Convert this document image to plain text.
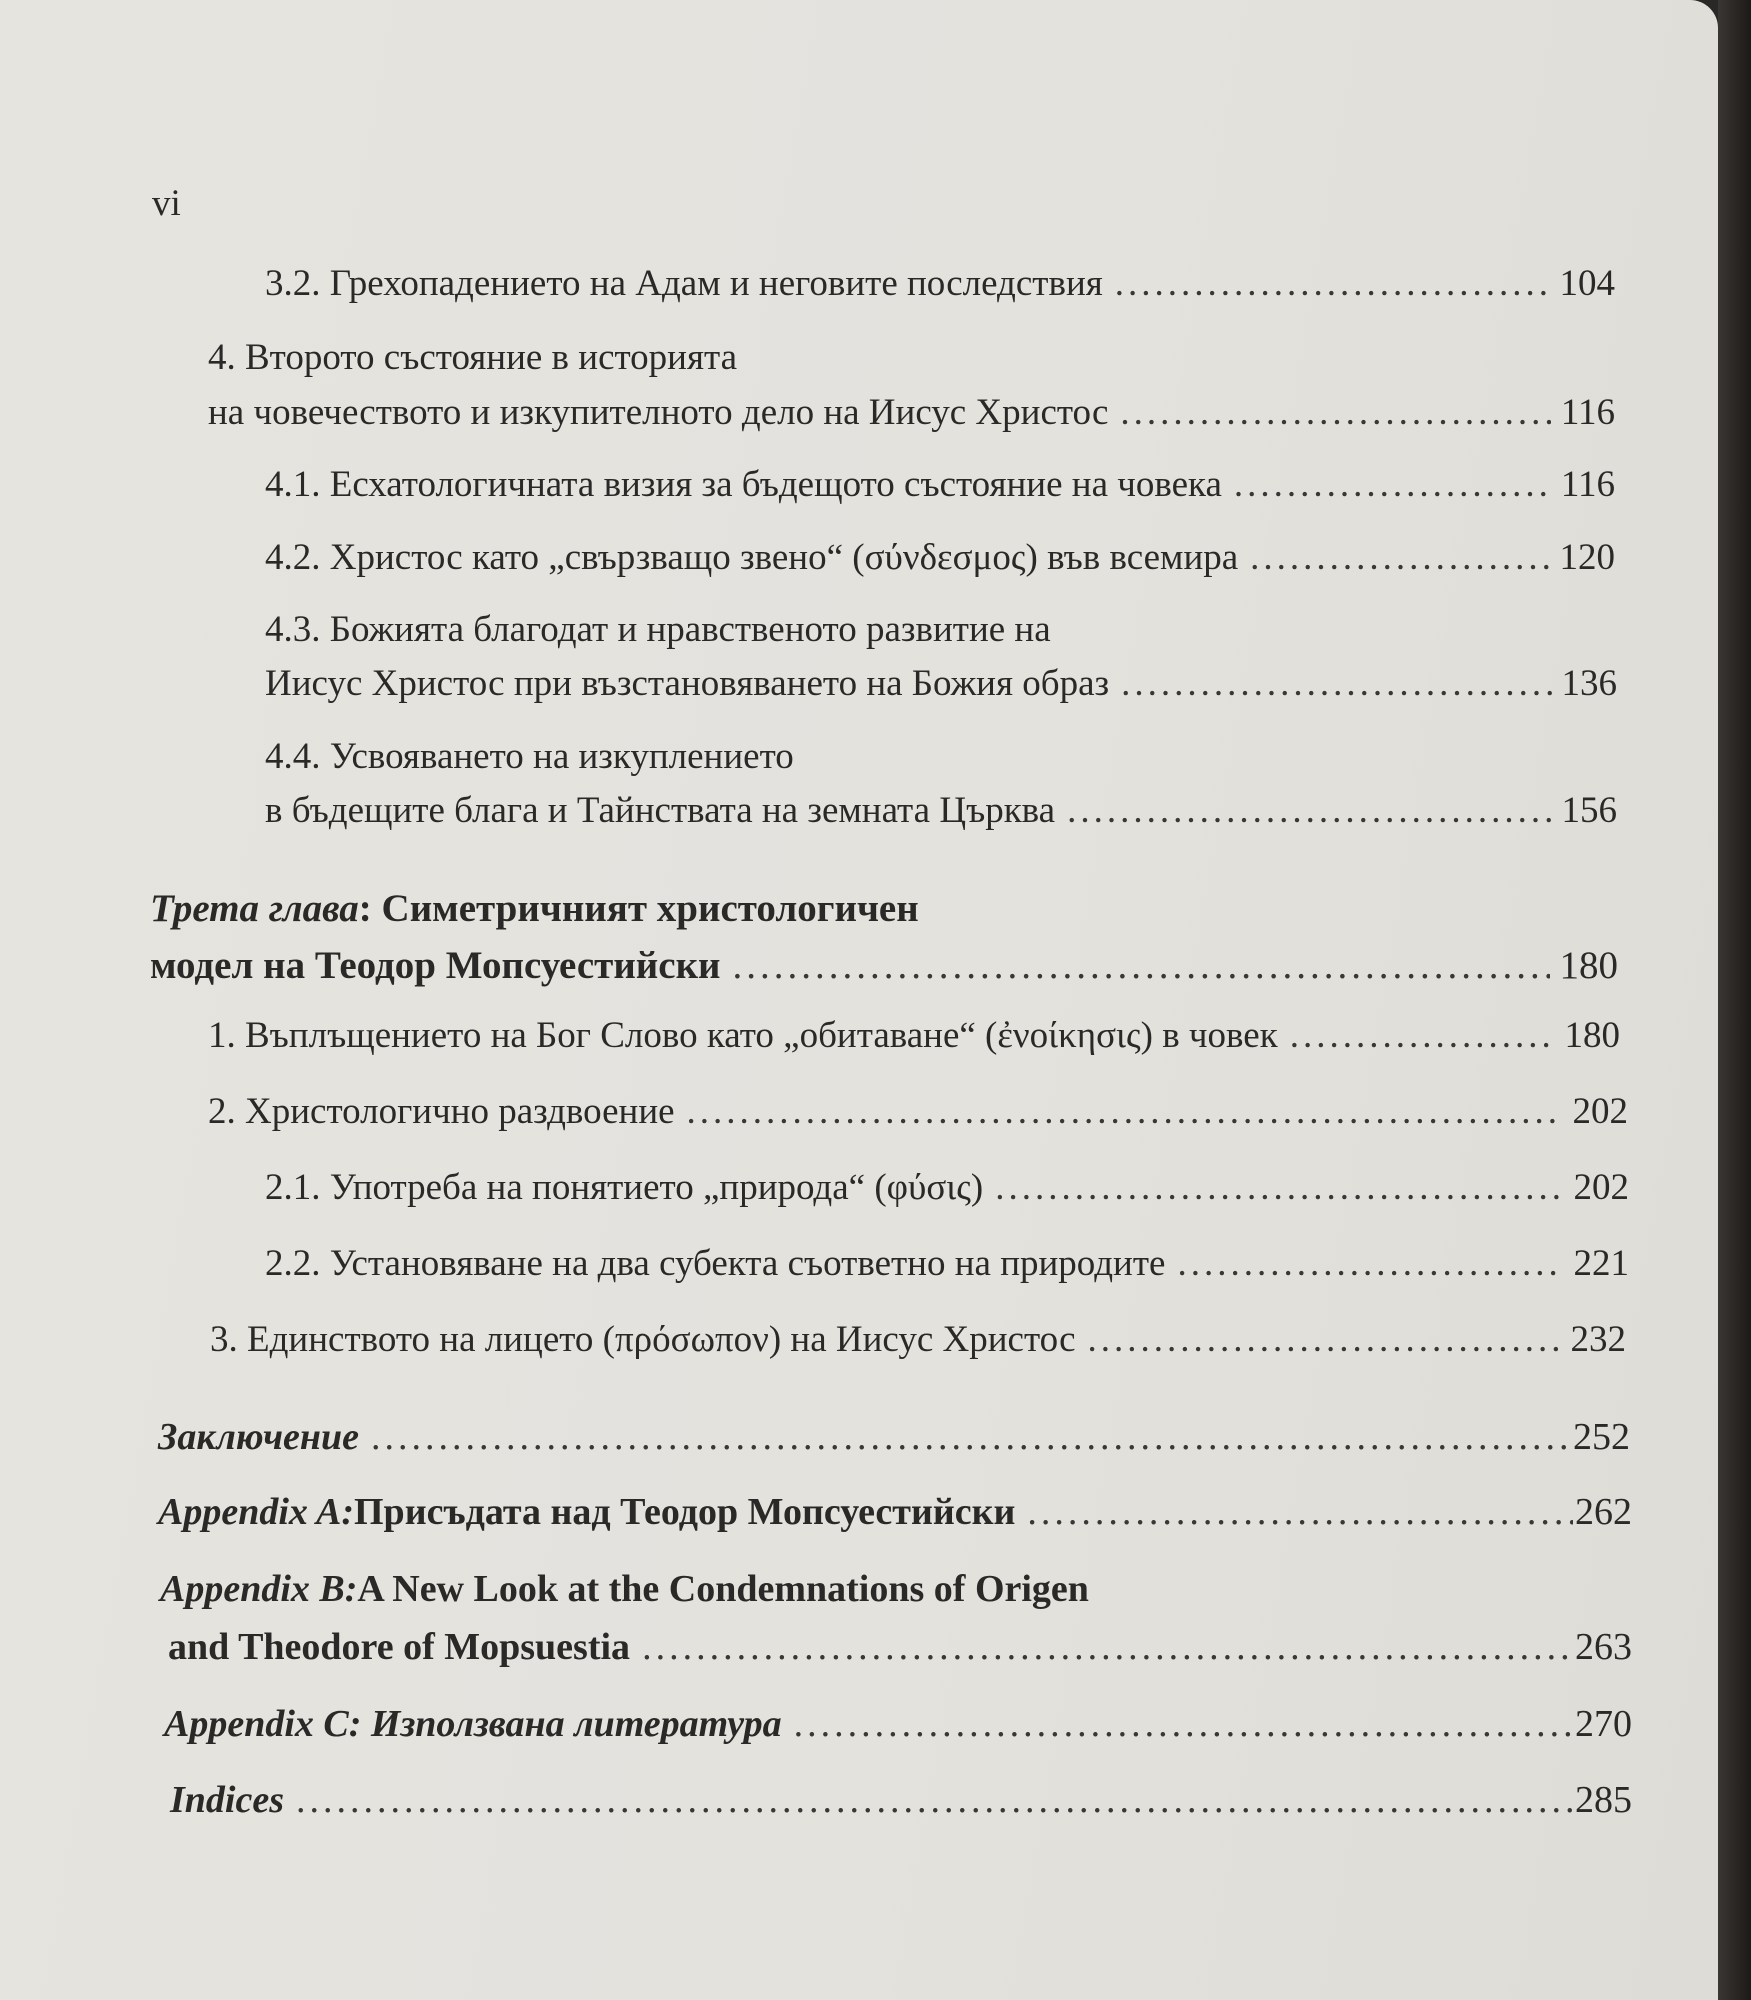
vi
3.2. Грехопадението на Адам и неговите последствия .....	104
4. Второто състояние в историята
на човечеството и изкупителното дело на Иисус Христос .....	116
4.1. Есхатологичната визия за бъдещото състояние на човека .....	116
4.2. Христос като „свързващо звено“ (σύνδεσμος) във всемира .....	120
4.3. Божията благодат и нравственото развитие на
Иисус Христос при възстановяването на Божия образ .....	136
4.4. Усвояването на изкуплението
в бъдещите блага и Тайнствата на земната Църква .....	156
Трета глава : Симетричният христологичен
модел на Теодор Мопсуестийски .....	180
1. Въплъщението на Бог Слово като „обитаване“ (ἐνοίκησις) в човек .....	180
2. Христологично раздвоение .....	202
2.1. Употреба на понятието „природа“ (φύσις) .....	202
2.2. Установяване на два субекта съответно на природите .....	221
3. Единството на лицето (πρόσωπον) на Иисус Христос .....	232
Заключение .....	252
Appendix A: Присъдата над Теодор Мопсуестийски .....	262
Appendix B: A New Look at the Condemnations of Origen
and Theodore of Mopsuestia .....	263
Appendix C: Използвана литература .....	270
Indices .....	285
